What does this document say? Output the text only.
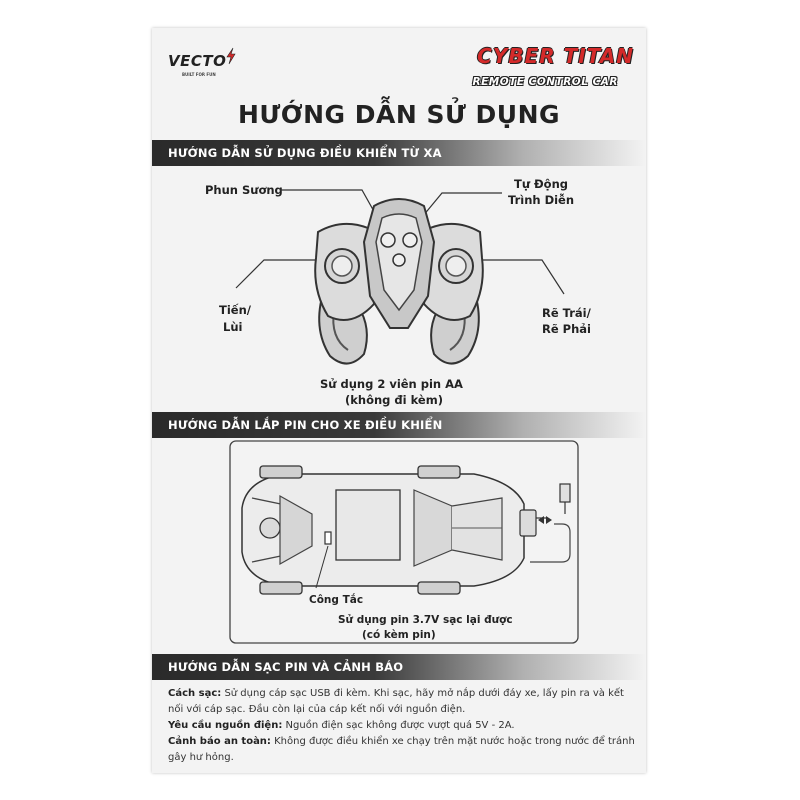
VECTO
BUILT FOR FUN
CYBER TITAN
REMOTE CONTROL CAR
HƯỚNG DẪN SỬ DỤNG
HƯỚNG DẪN SỬ DỤNG ĐIỀU KHIỂN TỪ XA
Phun Sương	Tự Động
Trình Diễn
Tiến/
Lùi
Rẽ Trái/
Rẽ Phải
Sử dụng 2 viên pin AA
(không đi kèm)
HƯỚNG DẪN LẮP PIN CHO XE ĐIỀU KHIỂN
Công Tắc
Sử dụng pin 3.7V sạc lại được
(có kèm pin)
HƯỚNG DẪN SẠC PIN VÀ CẢNH BÁO
Cách sạc: Sử dụng cáp sạc USB đi kèm. Khi sạc, hãy mở nắp dưới đáy xe, lấy pin ra và kết nối với cáp sạc. Đầu còn lại của cáp kết nối với nguồn điện.
Yêu cầu nguồn điện: Nguồn điện sạc không được vượt quá 5V - 2A.
Cảnh báo an toàn: Không được điều khiển xe chạy trên mặt nước hoặc trong nước để tránh gây hư hỏng.
